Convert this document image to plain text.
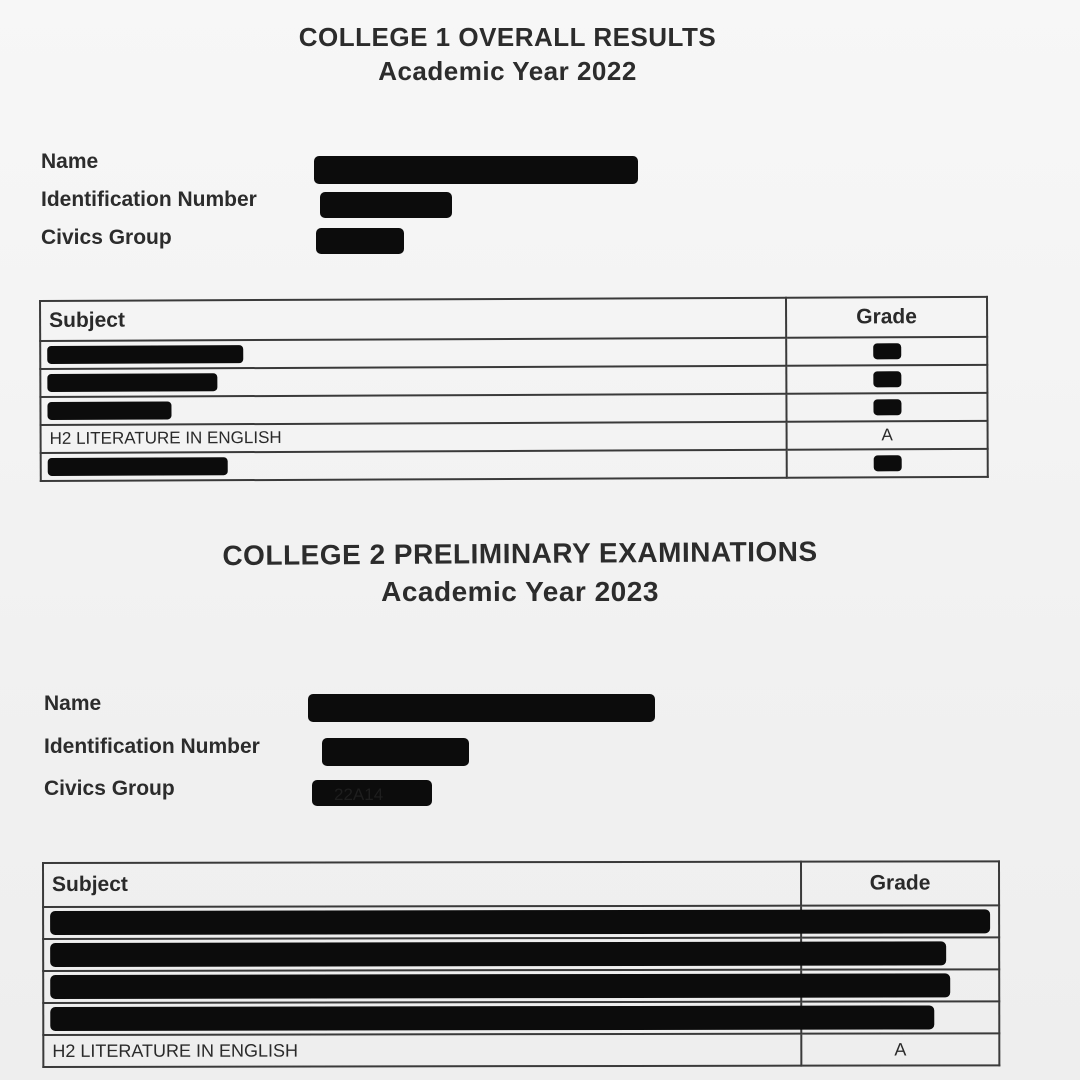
COLLEGE 1 OVERALL RESULTS
Academic Year 2022
Name
Identification Number
Civics Group
Subject	Grade

H2 LITERATURE IN ENGLISH	A

COLLEGE 2 PRELIMINARY EXAMINATIONS
Academic Year 2023
Name
Identification Number
Civics Group	22A14
Subject	Grade

H2 LITERATURE IN ENGLISH	A
